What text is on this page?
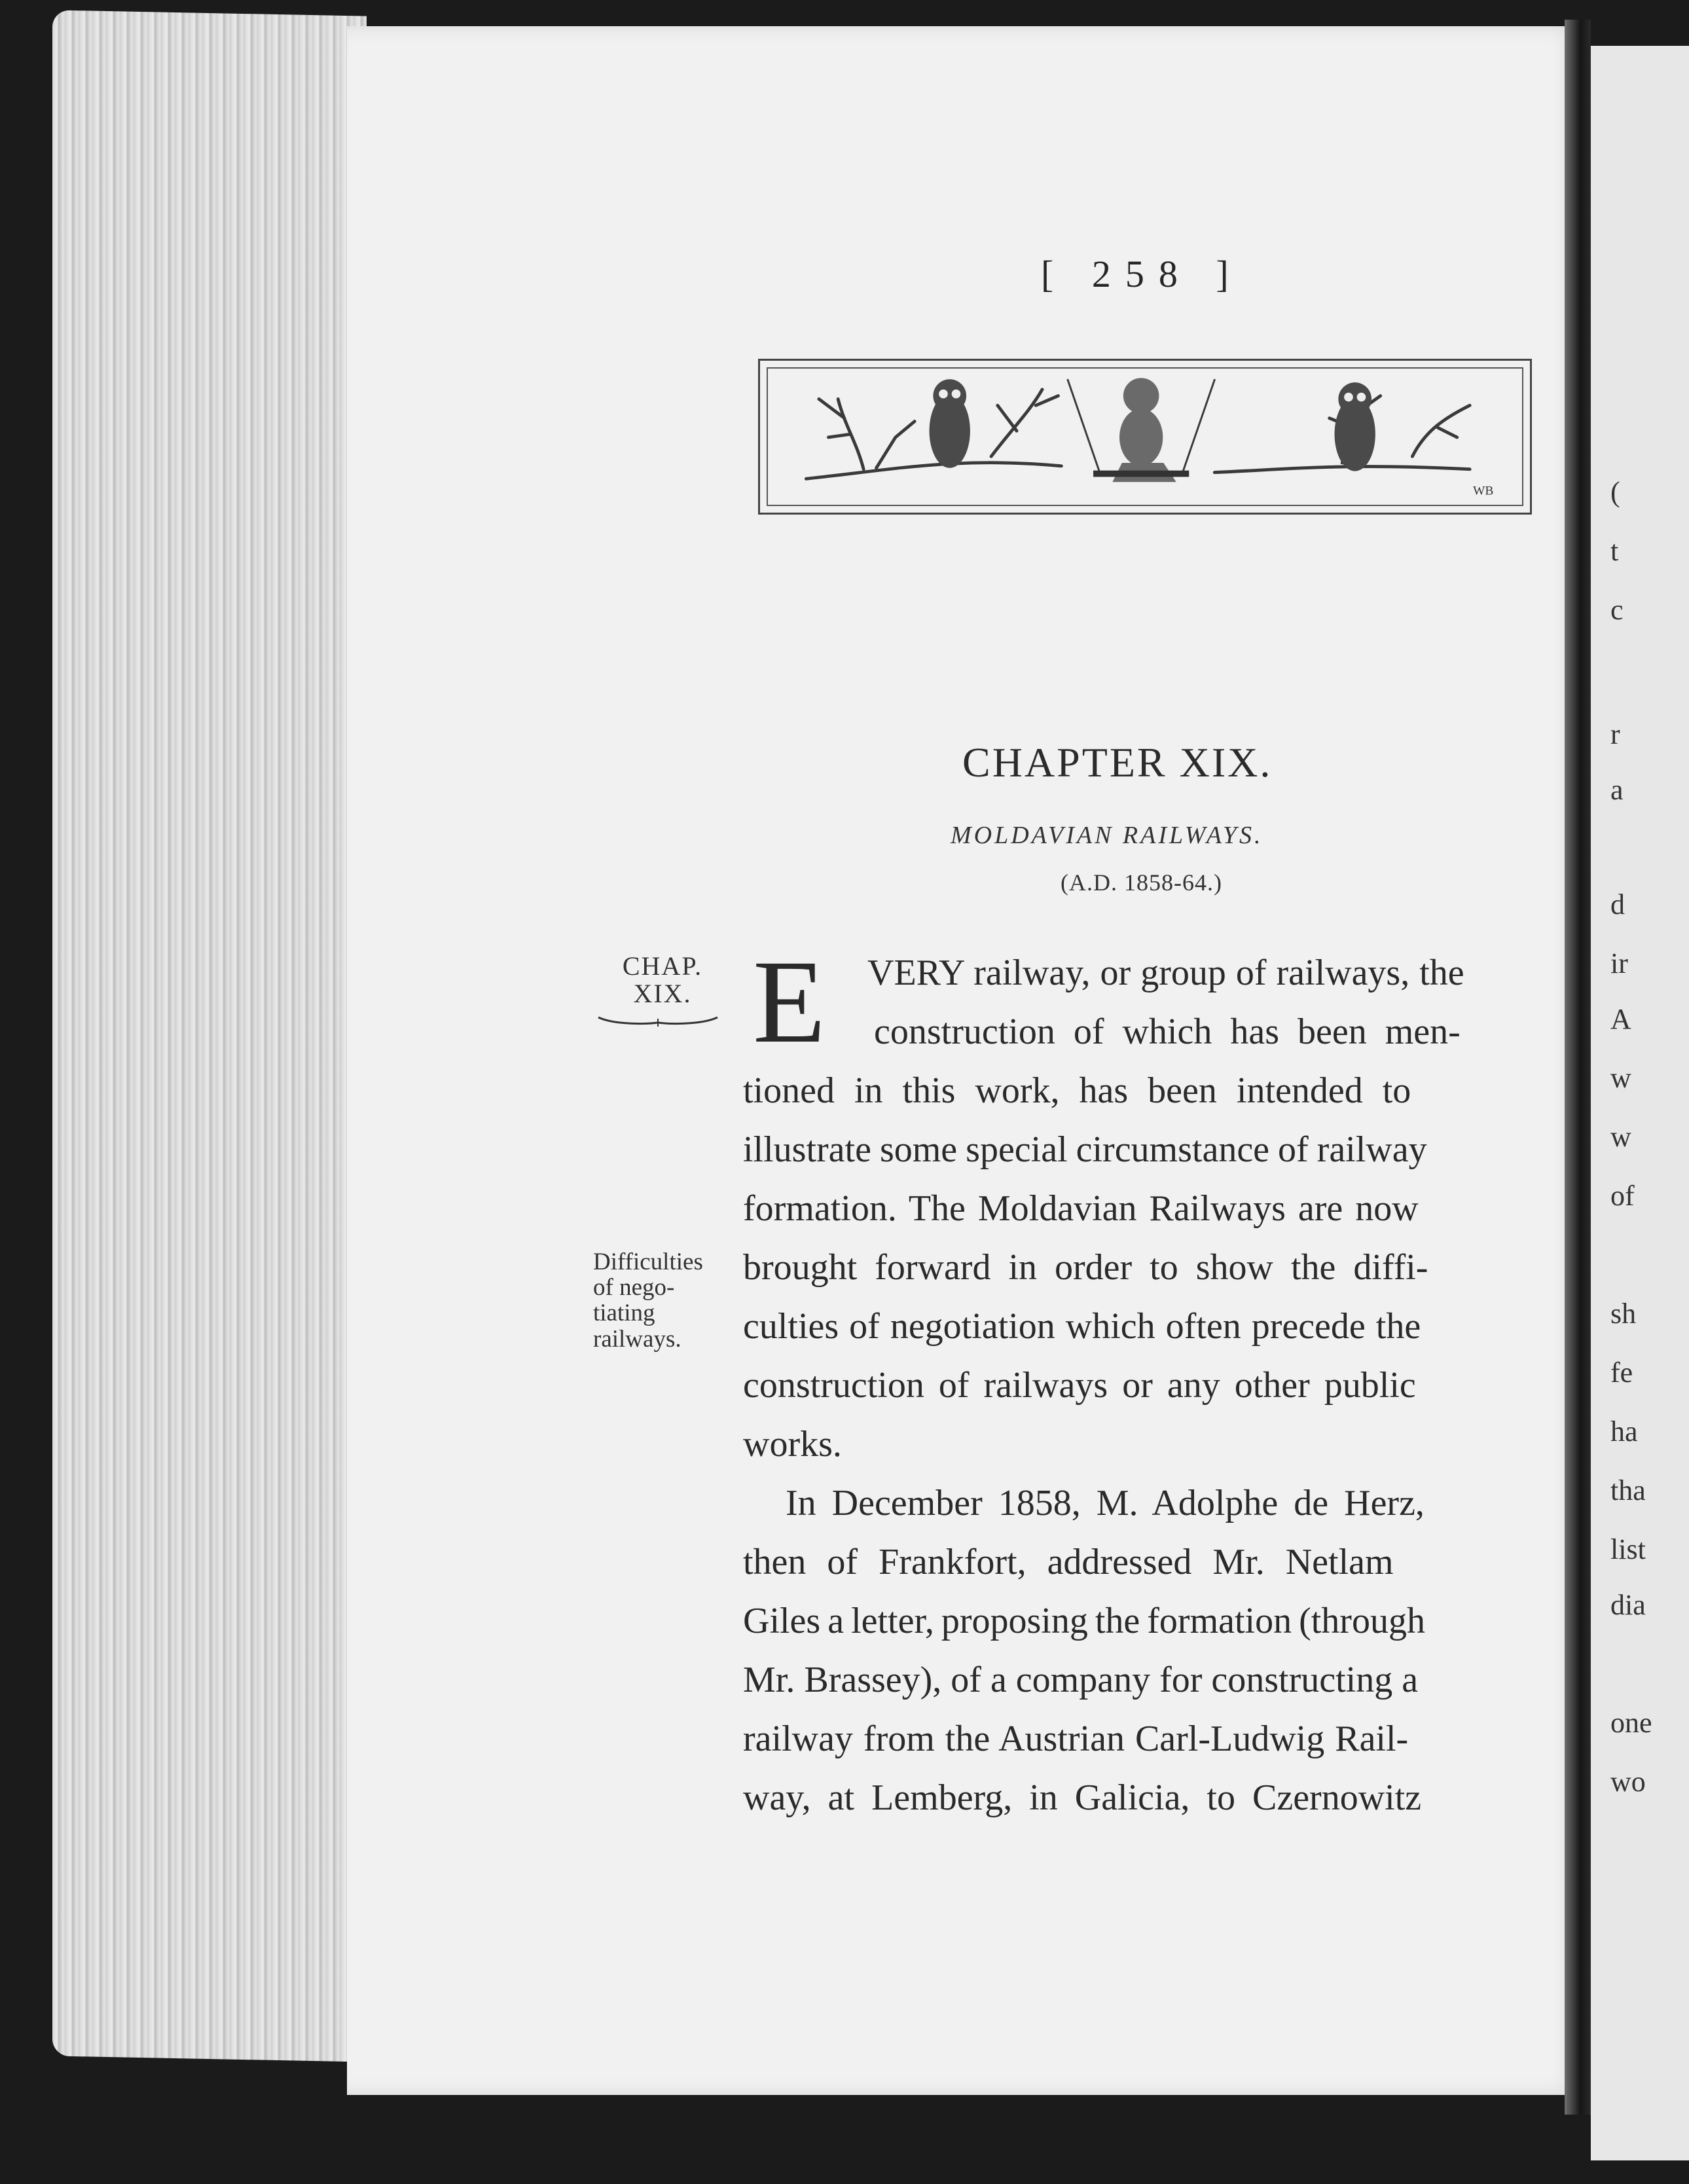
(
t
c
r
a
d
ir
A
w
w
of
sh
fe
ha
tha
list
dia
one
wo
[ 258 ]
WB
CHAPTER XIX.
MOLDAVIAN RAILWAYS.
(A.D. 1858-64.)
CHAP.
XIX.
Difficulties
of nego-
tiating
railways.
E VERY railway, or group of railways, the
construction of which has been men-
tioned in this work, has been intended to
illustrate some special circumstance of railway
formation. The Moldavian Railways are now
brought forward in order to show the diffi-
culties of negotiation which often precede the
construction of railways or any other public
works.
In December 1858, M. Adolphe de Herz,
then of Frankfort, addressed Mr. Netlam
Giles a letter, proposing the formation (through
Mr. Brassey), of a company for constructing a
railway from the Austrian Carl-Ludwig Rail-
way, at Lemberg, in Galicia, to Czernowitz
